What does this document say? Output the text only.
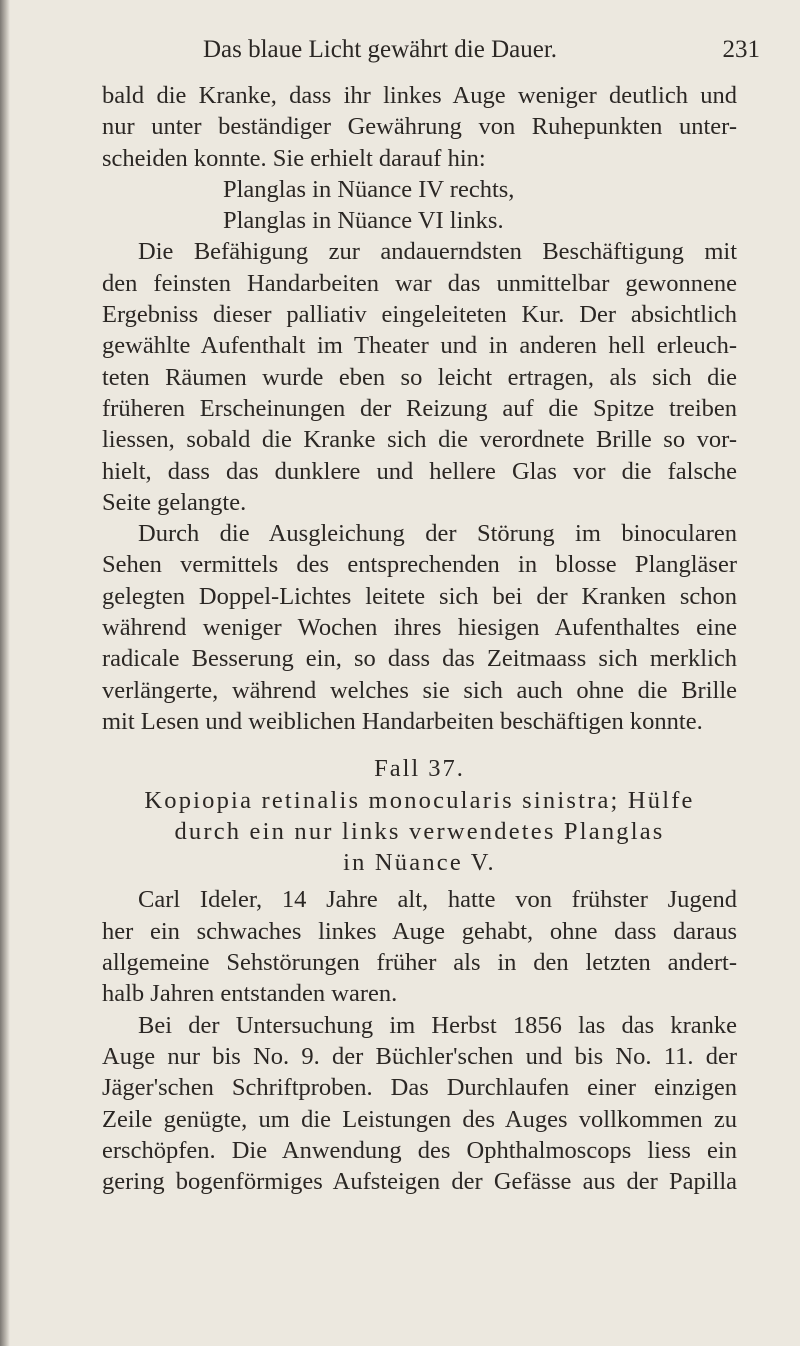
Das blaue Licht gewährt die Dauer.	231
bald die Kranke, dass ihr linkes Auge weniger deutlich und
nur unter beständiger Gewährung von Ruhepunkten unter-
scheiden konnte. Sie erhielt darauf hin:
Planglas in Nüance IV rechts,
Planglas in Nüance VI links.
Die Befähigung zur andauerndsten Beschäftigung mit
den feinsten Handarbeiten war das unmittelbar gewonnene
Ergebniss dieser palliativ eingeleiteten Kur. Der absichtlich
gewählte Aufenthalt im Theater und in anderen hell erleuch-
teten Räumen wurde eben so leicht ertragen, als sich die
früheren Erscheinungen der Reizung auf die Spitze treiben
liessen, sobald die Kranke sich die verordnete Brille so vor-
hielt, dass das dunklere und hellere Glas vor die falsche
Seite gelangte.
Durch die Ausgleichung der Störung im binocularen
Sehen vermittels des entsprechenden in blosse Plangläser
gelegten Doppel-Lichtes leitete sich bei der Kranken schon
während weniger Wochen ihres hiesigen Aufenthaltes eine
radicale Besserung ein, so dass das Zeitmaass sich merklich
verlängerte, während welches sie sich auch ohne die Brille
mit Lesen und weiblichen Handarbeiten beschäftigen konnte.
Fall 37.
Kopiopia retinalis monocularis sinistra; Hülfe
durch ein nur links verwendetes Planglas
in Nüance V.
Carl Ideler, 14 Jahre alt, hatte von frühster Jugend
her ein schwaches linkes Auge gehabt, ohne dass daraus
allgemeine Sehstörungen früher als in den letzten andert-
halb Jahren entstanden waren.
Bei der Untersuchung im Herbst 1856 las das kranke
Auge nur bis No. 9. der Büchler'schen und bis No. 11. der
Jäger'schen Schriftproben. Das Durchlaufen einer einzigen
Zeile genügte, um die Leistungen des Auges vollkommen zu
erschöpfen. Die Anwendung des Ophthalmoscops liess ein
gering bogenförmiges Aufsteigen der Gefässe aus der Papilla
